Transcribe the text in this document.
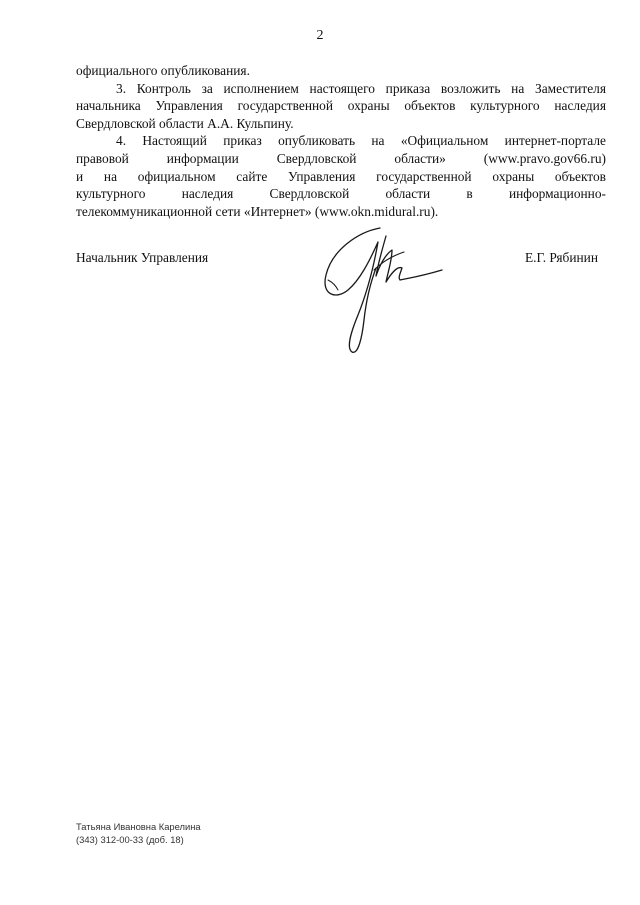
2

официального опубликования.

3. Контроль за исполнением настоящего приказа возложить на Заместителя

начальника Управления государственной охраны объектов культурного наследия

Свердловской области А.А. Кульпину.

4. Настоящий приказ опубликовать на «Официальном интернет-портале

правовой информации Свердловской области» (www.pravo.gov66.ru)

и на официальном сайте Управления государственной охраны объектов

культурного наследия Свердловской области в информационно-

телекоммуникационной сети «Интернет» (www.okn.midural.ru).

Начальник Управления	Е.Г. Рябинин
Татьяна Ивановна Карелина
(343) 312-00-33 (доб. 18)
